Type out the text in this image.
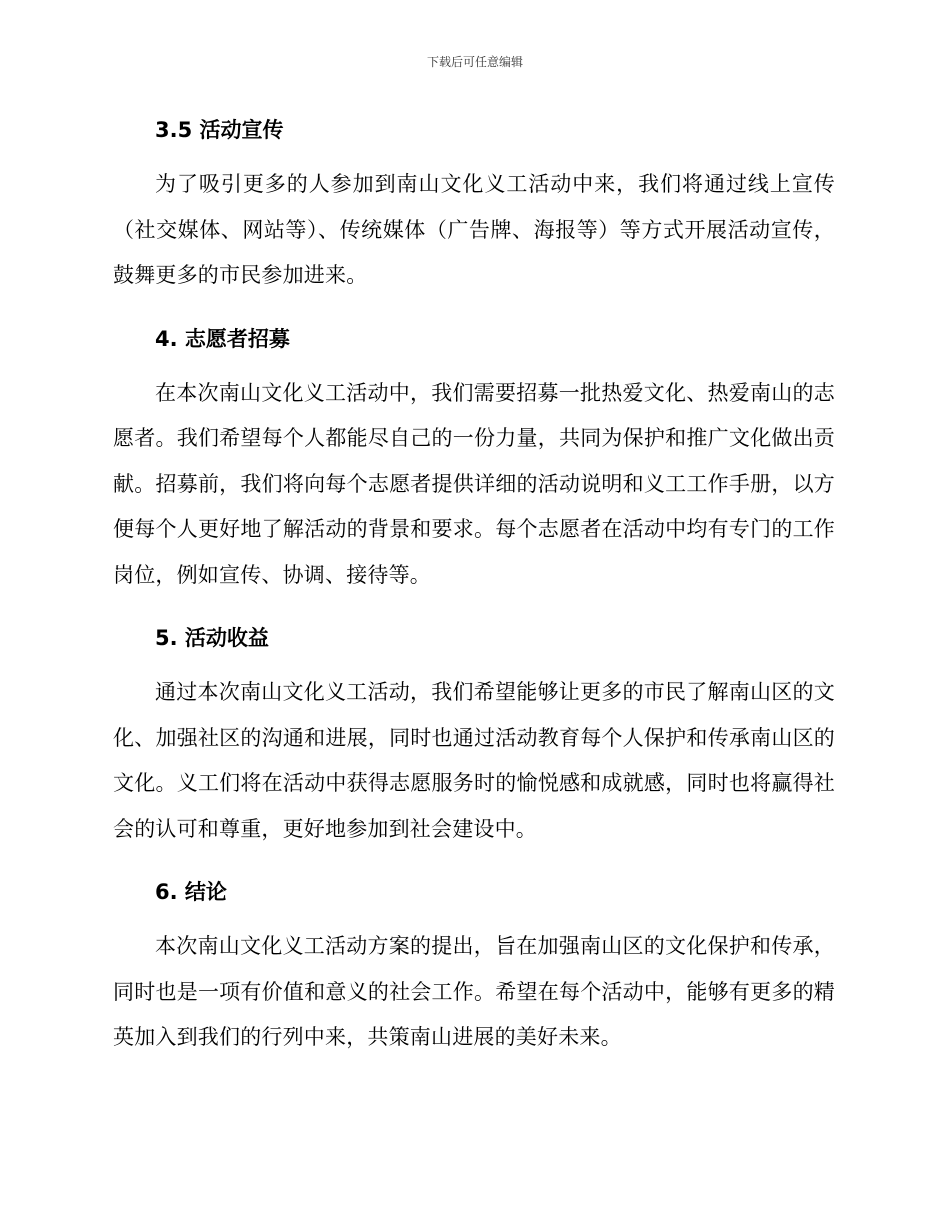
下载后可任意编辑
3.5 活动宣传

为了吸引更多的人参加到南山文化义工活动中来，我们将通过线上宣传（社交媒体、网站等）、传统媒体（广告牌、海报等）等方式开展活动宣传，鼓舞更多的市民参加进来。

4. 志愿者招募

在本次南山文化义工活动中，我们需要招募一批热爱文化、热爱南山的志愿者。我们希望每个人都能尽自己的一份力量，共同为保护和推广文化做出贡献。招募前，我们将向每个志愿者提供详细的活动说明和义工工作手册，以方便每个人更好地了解活动的背景和要求。每个志愿者在活动中均有专门的工作岗位，例如宣传、协调、接待等。

5. 活动收益

通过本次南山文化义工活动，我们希望能够让更多的市民了解南山区的文化、加强社区的沟通和进展，同时也通过活动教育每个人保护和传承南山区的文化。义工们将在活动中获得志愿服务时的愉悦感和成就感，同时也将赢得社会的认可和尊重，更好地参加到社会建设中。

6. 结论

本次南山文化义工活动方案的提出，旨在加强南山区的文化保护和传承，同时也是一项有价值和意义的社会工作。希望在每个活动中，能够有更多的精英加入到我们的行列中来，共策南山进展的美好未来。
